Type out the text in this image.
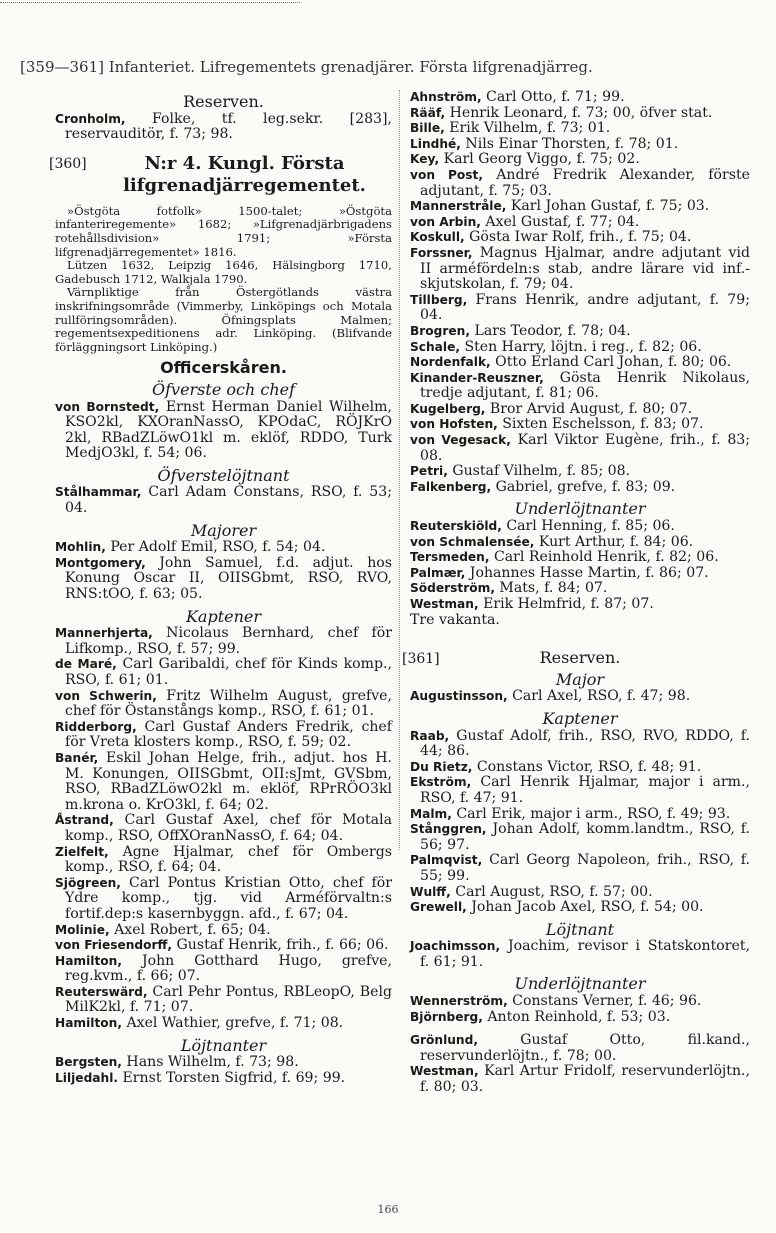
[359—361] Infanteriet. Lifregementets grenadjärer. Första lifgrenadjärreg.
Reserven.

Cronholm, Folke, tf. leg.sekr. [283], reservauditör, f. 73; 98.

[360]	N:r 4. Kungl. Första lifgrenadjärregementet.

»Östgöta fotfolk» 1500-talet; »Östgöta infanteriregemente» 1682; »Lifgrenadjärbrigadens rotehållsdivision» 1791; »Första lifgrenadjärregementet» 1816.

Lützen 1632, Leipzig 1646, Hälsingborg 1710, Gadebusch 1712, Walkjala 1790.

Värnpliktige från Östergötlands västra inskrifningsområde (Vimmerby, Linköpings och Motala rullföringsområden). Öfningsplats Malmen; regementsexpeditionens adr. Linköping. (Blifvande förläggningsort Linköping.)

Officerskåren.
Öfverste och chef

von Bornstedt, Ernst Herman Daniel Wilhelm, KSO2kl, KXOranNassO, KPOdaC, RÖJKrO 2kl, RBadZLöwO1kl m. eklöf, RDDO, Turk MedjO3kl, f. 54; 06.

Öfverstelöjtnant

Stålhammar, Carl Adam Constans, RSO, f. 53; 04.

Majorer

Mohlin, Per Adolf Emil, RSO, f. 54; 04.

Montgomery, John Samuel, f.d. adjut. hos Konung Oscar II, OIISGbmt, RSO, RVO, RNS:tOO, f. 63; 05.

Kaptener

Mannerhjerta, Nicolaus Bernhard, chef för Lifkomp., RSO, f. 57; 99.

de Maré, Carl Garibaldi, chef för Kinds komp., RSO, f. 61; 01.

von Schwerin, Fritz Wilhelm August, grefve, chef för Östanstångs komp., RSO, f. 61; 01.

Ridderborg, Carl Gustaf Anders Fredrik, chef för Vreta klosters komp., RSO, f. 59; 02.

Banér, Eskil Johan Helge, frih., adjut. hos H. M. Konungen, OIISGbmt, OII:sJmt, GVSbm, RSO, RBadZLöwO2kl m. eklöf, RPrRÖO3kl m.krona o. KrO3kl, f. 64; 02.

Åstrand, Carl Gustaf Axel, chef för Motala komp., RSO, OffXOranNassO, f. 64; 04.

Zielfelt, Agne Hjalmar, chef för Ombergs komp., RSO, f. 64; 04.

Sjögreen, Carl Pontus Kristian Otto, chef för Ydre komp., tjg. vid Arméförvaltn:s fortif.dep:s kasernbyggn. afd., f. 67; 04.

Molinie, Axel Robert, f. 65; 04.

von Friesendorff, Gustaf Henrik, frih., f. 66; 06.

Hamilton, John Gotthard Hugo, grefve, reg.kvm., f. 66; 07.

Reuterswärd, Carl Pehr Pontus, RBLeopO, Belg MilK2kl, f. 71; 07.

Hamilton, Axel Wathier, grefve, f. 71; 08.

Löjtnanter

Bergsten, Hans Wilhelm, f. 73; 98.

Liljedahl. Ernst Torsten Sigfrid, f. 69; 99.

Ahnström, Carl Otto, f. 71; 99.

Rääf, Henrik Leonard, f. 73; 00, öfver stat.

Bille, Erik Vilhelm, f. 73; 01.

Lindhé, Nils Einar Thorsten, f. 78; 01.

Key, Karl Georg Viggo, f. 75; 02.

von Post, André Fredrik Alexander, förste adjutant, f. 75; 03.

Mannerstråle, Karl Johan Gustaf, f. 75; 03.

von Arbin, Axel Gustaf, f. 77; 04.

Koskull, Gösta Iwar Rolf, frih., f. 75; 04.

Forssner, Magnus Hjalmar, andre adjutant vid II arméfördeln:s stab, andre lärare vid inf.-skjutskolan, f. 79; 04.

Tillberg, Frans Henrik, andre adjutant, f. 79; 04.

Brogren, Lars Teodor, f. 78; 04.

Schale, Sten Harry, löjtn. i reg., f. 82; 06.

Nordenfalk, Otto Erland Carl Johan, f. 80; 06.

Kinander-Reuszner, Gösta Henrik Nikolaus, tredje adjutant, f. 81; 06.

Kugelberg, Bror Arvid August, f. 80; 07.

von Hofsten, Sixten Eschelsson, f. 83; 07.

von Vegesack, Karl Viktor Eugène, frih., f. 83; 08.

Petri, Gustaf Vilhelm, f. 85; 08.

Falkenberg, Gabriel, grefve, f. 83; 09.

Underlöjtnanter

Reuterskiöld, Carl Henning, f. 85; 06.

von Schmalensée, Kurt Arthur, f. 84; 06.

Tersmeden, Carl Reinhold Henrik, f. 82; 06.

Palmær, Johannes Hasse Martin, f. 86; 07.

Söderström, Mats, f. 84; 07.

Westman, Erik Helmfrid, f. 87; 07.

Tre vakanta.

[361]	Reserven.
Major

Augustinsson, Carl Axel, RSO, f. 47; 98.

Kaptener

Raab, Gustaf Adolf, frih., RSO, RVO, RDDO, f. 44; 86.

Du Rietz, Constans Victor, RSO, f. 48; 91.

Ekström, Carl Henrik Hjalmar, major i arm., RSO, f. 47; 91.

Malm, Carl Erik, major i arm., RSO, f. 49; 93.

Stånggren, Johan Adolf, komm.landtm., RSO, f. 56; 97.

Palmqvist, Carl Georg Napoleon, frih., RSO, f. 55; 99.

Wulff, Carl August, RSO, f. 57; 00.

Grewell, Johan Jacob Axel, RSO, f. 54; 00.

Löjtnant

Joachimsson, Joachim, revisor i Statskontoret, f. 61; 91.

Underlöjtnanter

Wennerström, Constans Verner, f. 46; 96.

Björnberg, Anton Reinhold, f. 53; 03.

Grönlund, Gustaf Otto, fil.kand., reservunderlöjtn., f. 78; 00.

Westman, Karl Artur Fridolf, reservunderlöjtn., f. 80; 03.

166
